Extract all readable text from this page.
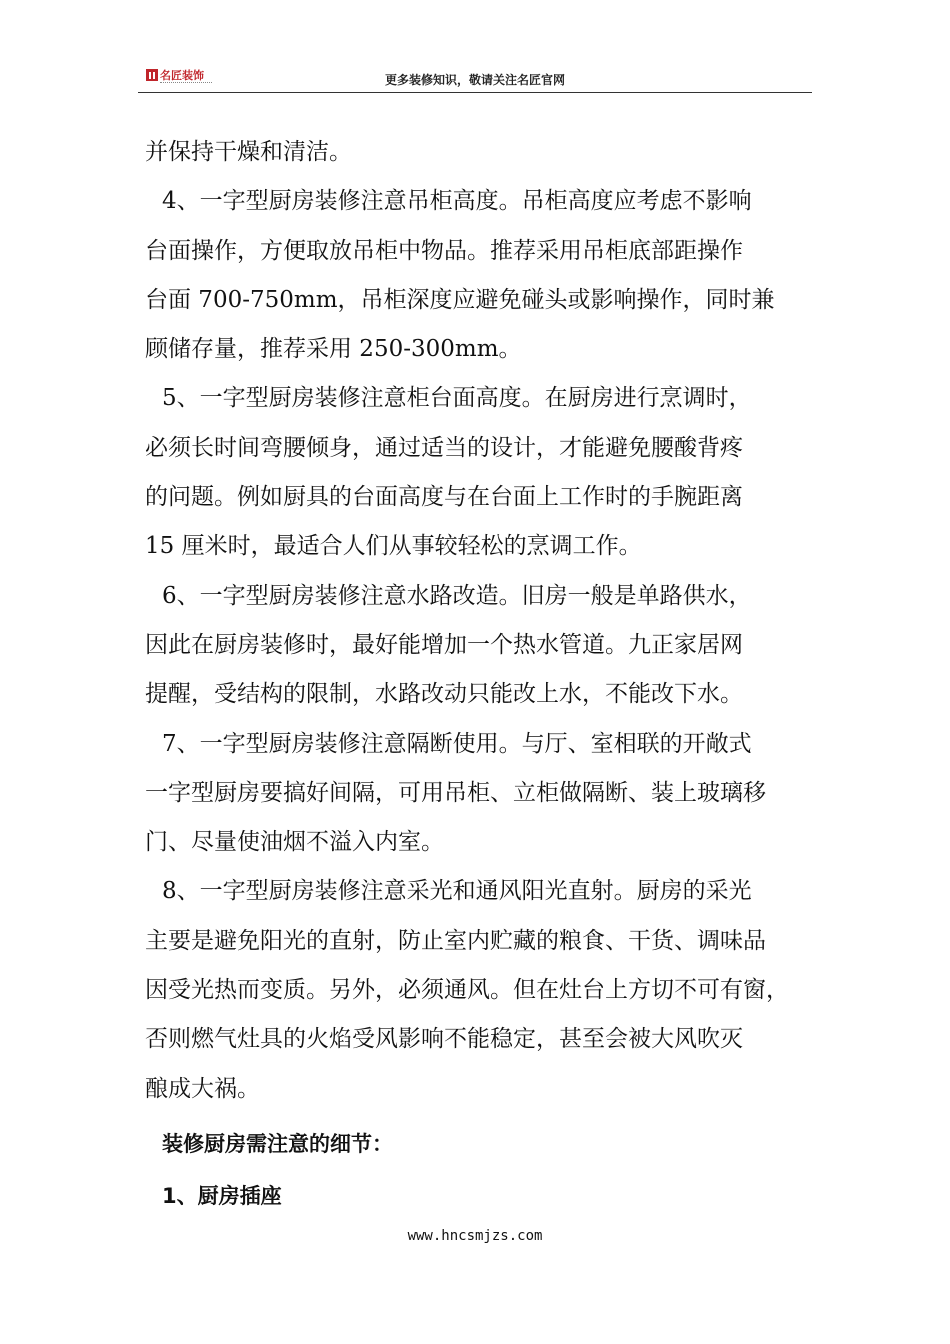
名匠装饰	更多装修知识，敬请关注名匠官网
并保持干燥和清洁。
4、一字型厨房装修注意吊柜高度。吊柜高度应考虑不影响
台面操作，方便取放吊柜中物品。推荐采用吊柜底部距操作
台面 700-750mm，吊柜深度应避免碰头或影响操作，同时兼
顾储存量，推荐采用 250-300mm。
5、一字型厨房装修注意柜台面高度。在厨房进行烹调时，
必须长时间弯腰倾身，通过适当的设计，才能避免腰酸背疼
的问题。例如厨具的台面高度与在台面上工作时的手腕距离
15 厘米时，最适合人们从事较轻松的烹调工作。
6、一字型厨房装修注意水路改造。旧房一般是单路供水，
因此在厨房装修时，最好能增加一个热水管道。九正家居网
提醒，受结构的限制，水路改动只能改上水，不能改下水。
7、一字型厨房装修注意隔断使用。与厅、室相联的开敞式
一字型厨房要搞好间隔，可用吊柜、立柜做隔断、装上玻璃移
门、尽量使油烟不溢入内室。
8、一字型厨房装修注意采光和通风阳光直射。厨房的采光
主要是避免阳光的直射，防止室内贮藏的粮食、干货、调味品
因受光热而变质。另外，必须通风。但在灶台上方切不可有窗，
否则燃气灶具的火焰受风影响不能稳定，甚至会被大风吹灭
酿成大祸。
装修厨房需注意的细节：
1、厨房插座
www.hncsmjzs.com
